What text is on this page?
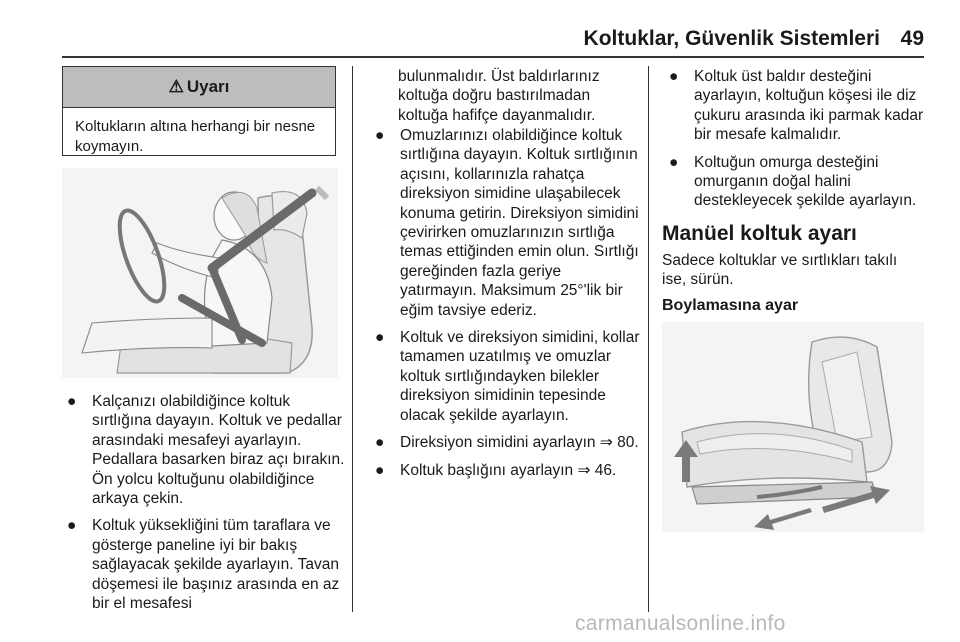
Koltuklar, Güvenlik Sistemleri 49
⚠ Uyarı
Koltukların altına herhangi bir nesne koymayın.
● Kalçanızı olabildiğince koltuk sırtlığına dayayın. Koltuk ve pedallar arasındaki mesafeyi ayarlayın. Pedallara basarken biraz açı bırakın. Ön yolcu koltuğunu olabildiğince arkaya çekin.
● Koltuk yüksekliğini tüm taraflara ve gösterge paneline iyi bir bakış sağlayacak şekilde ayarlayın. Tavan döşemesi ile başınız arasında en az bir el mesafesi

bulunmalıdır. Üst baldırlarınız koltuğa doğru bastırılmadan koltuğa hafifçe dayanmalıdır.

● Omuzlarınızı olabildiğince koltuk sırtlığına dayayın. Koltuk sırtlığının açısını, kollarınızla rahatça direksiyon simidine ulaşabilecek konuma getirin. Direksiyon simidini çevirirken omuzlarınızın sırtlığa temas ettiğinden emin olun. Sırtlığı gereğinden fazla geriye yatırmayın. Maksimum 25°'lik bir eğim tavsiye ederiz.
● Koltuk ve direksiyon simidini, kollar tamamen uzatılmış ve omuzlar koltuk sırtlığındayken bilekler direksiyon simidinin tepesinde olacak şekilde ayarlayın.
● Direksiyon simidini ayarlayın ⇒ 80.
● Koltuk başlığını ayarlayın ⇒ 46.
● Koltuk üst baldır desteğini ayarlayın, koltuğun köşesi ile diz çukuru arasında iki parmak kadar bir mesafe kalmalıdır.
● Koltuğun omurga desteğini omurganın doğal halini destekleyecek şekilde ayarlayın.
Manüel koltuk ayarı

Sadece koltuklar ve sırtlıkları takılı ise, sürün.

Boylamasına ayar
carmanualsonline.info
